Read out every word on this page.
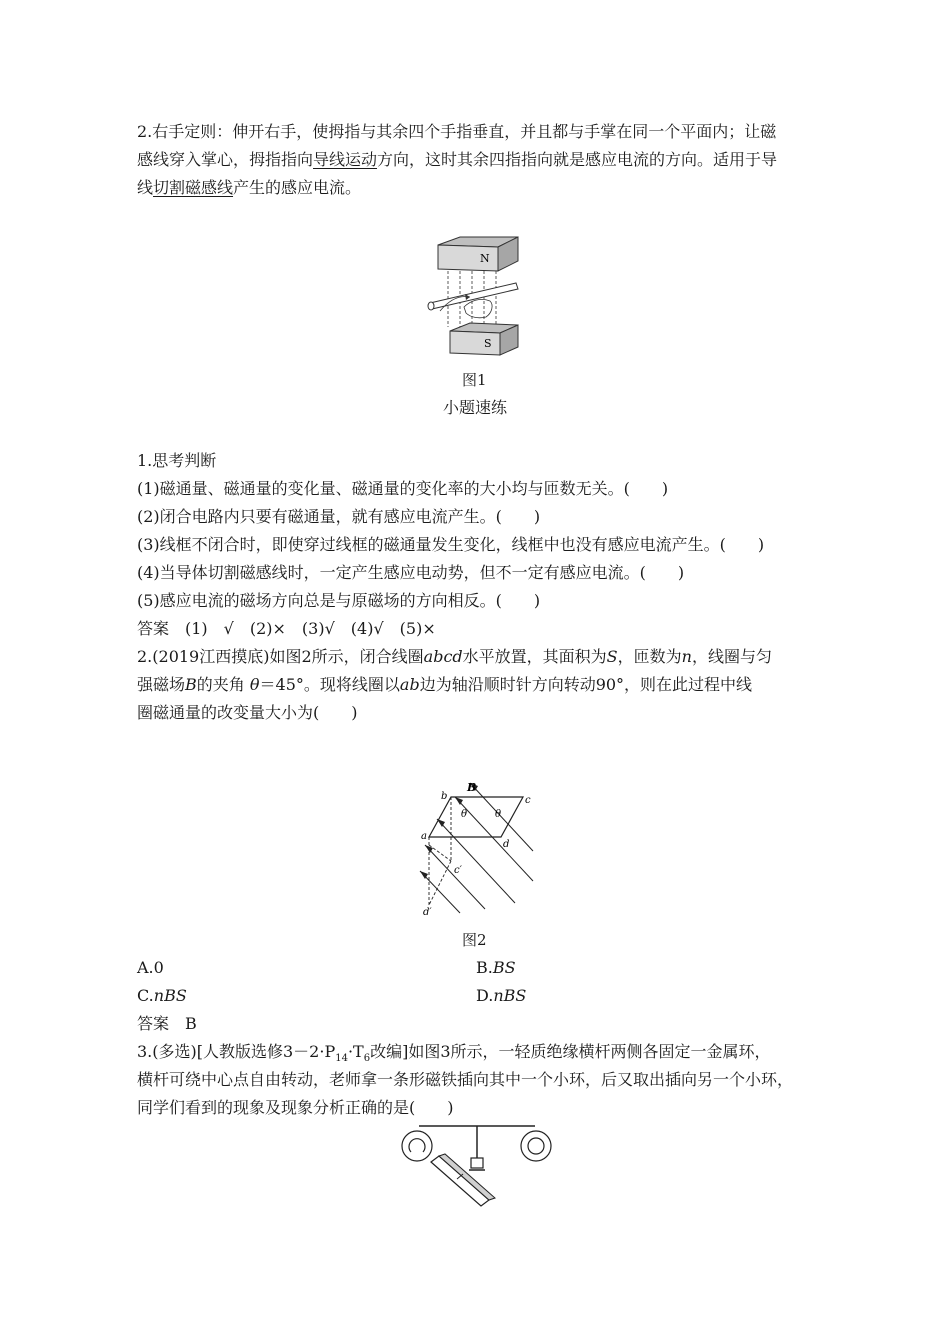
2.右手定则：伸开右手，使拇指与其余四个手指垂直，并且都与手掌在同一个平面内；让磁
感线穿入掌心，拇指指向导线运动方向，这时其余四指指向就是感应电流的方向。适用于导
线切割磁感线产生的感应电流。
N
S
图1
小题速练
1.思考判断
(1)磁通量、磁通量的变化量、磁通量的变化率的大小均与匝数无关。(　　)
(2)闭合电路内只要有磁通量，就有感应电流产生。(　　)
(3)线框不闭合时，即使穿过线框的磁通量发生变化，线框中也没有感应电流产生。(　　)
(4)当导体切割磁感线时，一定产生感应电动势，但不一定有感应电流。(　　)
(5)感应电流的磁场方向总是与原磁场的方向相反。(　　)
答案　(1)　√　(2)×　(3)√　(4)√　(5)×
2.(2019江西摸底)如图2所示，闭合线圈abcd水平放置，其面积为S，匝数为n，线圈与匀
强磁场B的夹角 θ＝45°。现将线圈以ab边为轴沿顺时针方向转动90°，则在此过程中线
圈磁通量的改变量大小为(　　)
B
b	c
a
d
c′
d′
θ	θ
图2
A.0	B.BS
C.nBS	D.nBS
答案　B
3.(多选)[人教版选修$3-2\cdot P_{14}\cdot T_6$改编]如图3所示，一轻质绝缘横杆两侧各固定一金属环，
横杆可绕中心点自由转动，老师拿一条形磁铁插向其中一个小环，后又取出插向另一个小环，
同学们看到的现象及现象分析正确的是(　　)
